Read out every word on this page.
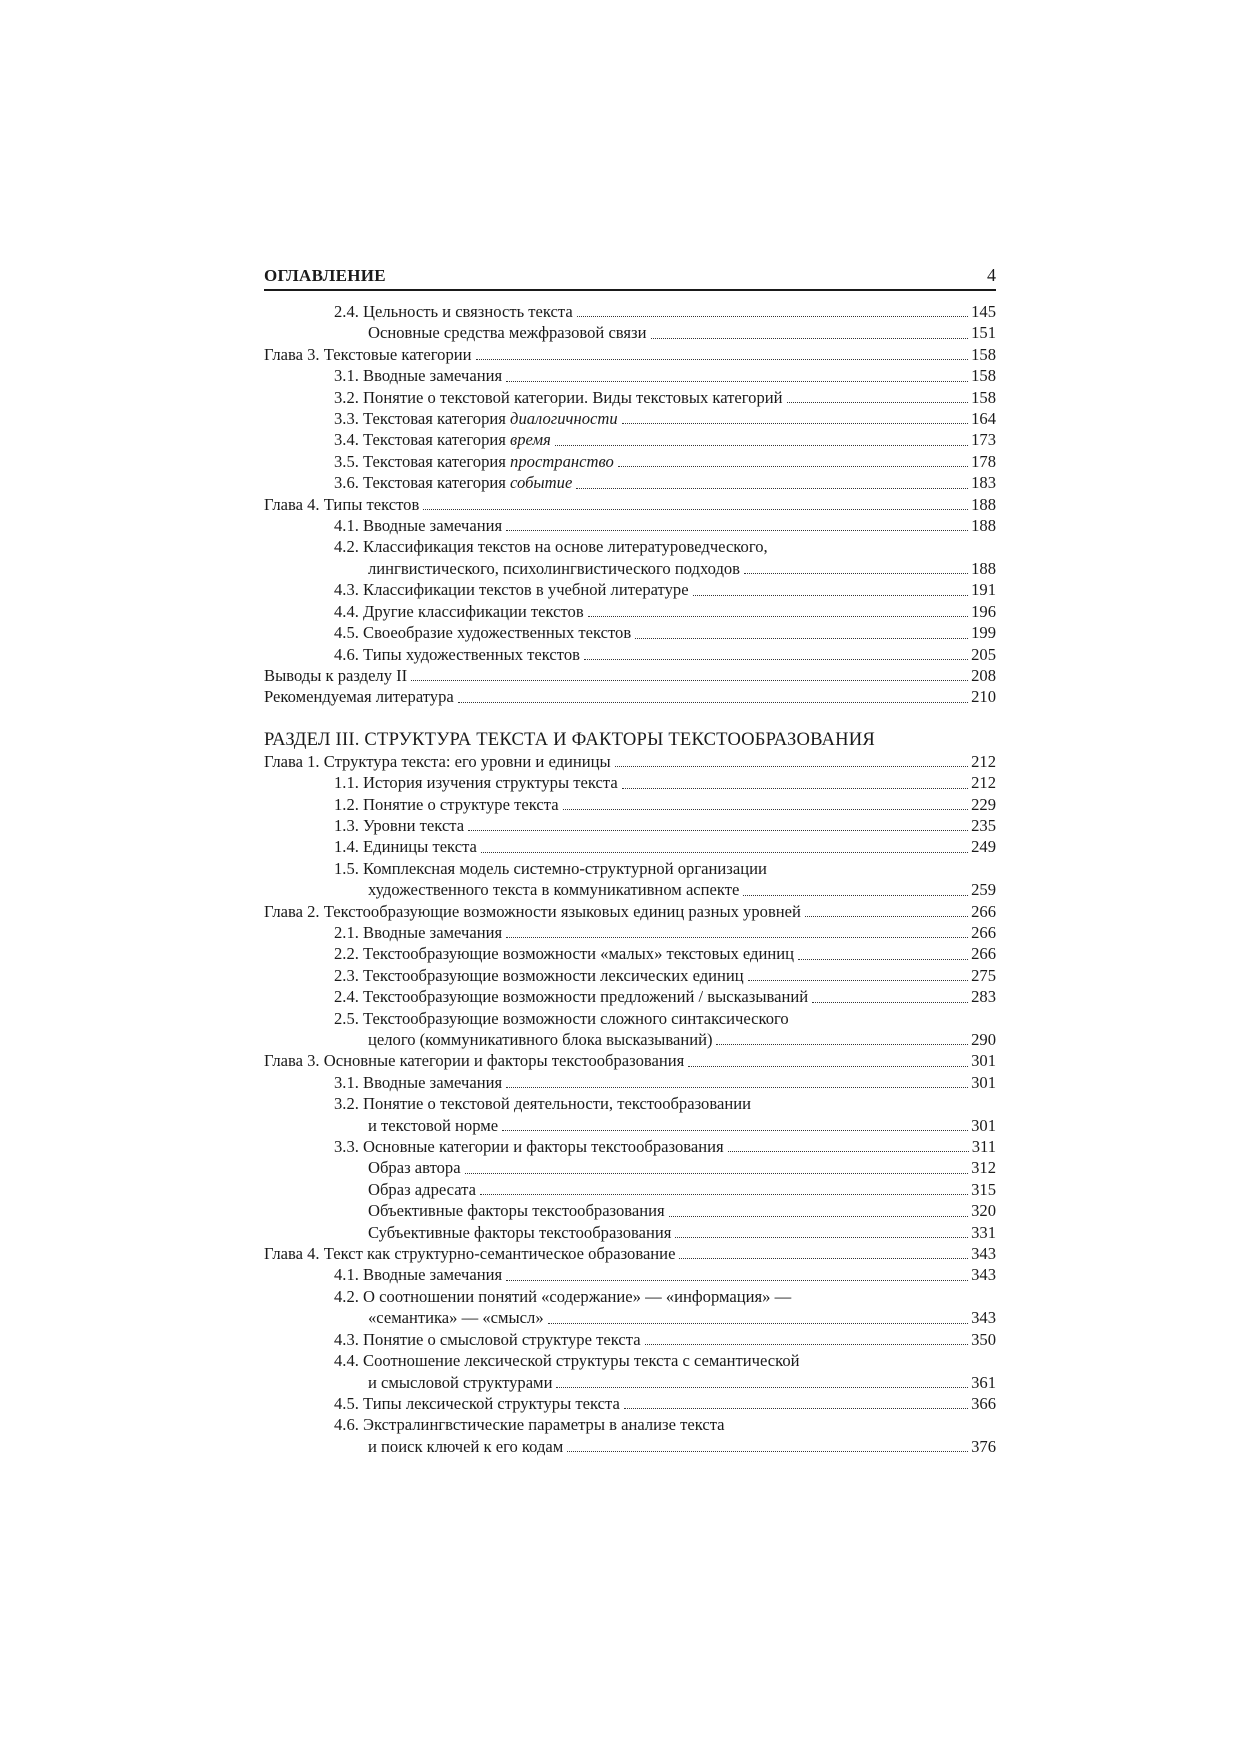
ОГЛАВЛЕНИЕ	4
2.4. Цельность и связность текста	145
Основные средства межфразовой связи	151
Глава 3. Текстовые категории	158
3.1. Вводные замечания	158
3.2. Понятие о текстовой категории. Виды текстовых категорий	158
3.3. Текстовая категория диалогичности	164
3.4. Текстовая категория время	173
3.5. Текстовая категория пространство	178
3.6. Текстовая категория событие	183
Глава 4. Типы текстов	188
4.1. Вводные замечания	188
4.2. Классификация текстов на основе литературоведческого,
лингвистического, психолингвистического подходов	188
4.3. Классификации текстов в учебной литературе	191
4.4. Другие классификации текстов	196
4.5. Своеобразие художественных текстов	199
4.6. Типы художественных текстов	205
Выводы к разделу II	208
Рекомендуемая литература	210
РАЗДЕЛ III. СТРУКТУРА ТЕКСТА И ФАКТОРЫ ТЕКСТООБРАЗОВАНИЯ
Глава 1. Структура текста: его уровни и единицы	212
1.1. История изучения структуры текста	212
1.2. Понятие о структуре текста	229
1.3. Уровни текста	235
1.4. Единицы текста	249
1.5. Комплексная модель системно-структурной организации
художественного текста в коммуникативном аспекте	259
Глава 2. Текстообразующие возможности языковых единиц разных уровней	266
2.1. Вводные замечания	266
2.2. Текстообразующие возможности «малых» текстовых единиц	266
2.3. Текстообразующие возможности лексических единиц	275
2.4. Текстообразующие возможности предложений / высказываний	283
2.5. Текстообразующие возможности сложного синтаксического
целого (коммуникативного блока высказываний)	290
Глава 3. Основные категории и факторы текстообразования	301
3.1. Вводные замечания	301
3.2. Понятие о текстовой деятельности, текстообразовании
и текстовой норме	301
3.3. Основные категории и факторы текстообразования	311
Образ автора	312
Образ адресата	315
Объективные факторы текстообразования	320
Субъективные факторы текстообразования	331
Глава 4. Текст как структурно-семантическое образование	343
4.1. Вводные замечания	343
4.2. О соотношении понятий «содержание» — «информация» —
«семантика» — «смысл»	343
4.3. Понятие о смысловой структуре текста	350
4.4. Соотношение лексической структуры текста с семантической
и смысловой структурами	361
4.5. Типы лексической структуры текста	366
4.6. Экстралингвстические параметры в анализе текста
и поиск ключей к его кодам	376
